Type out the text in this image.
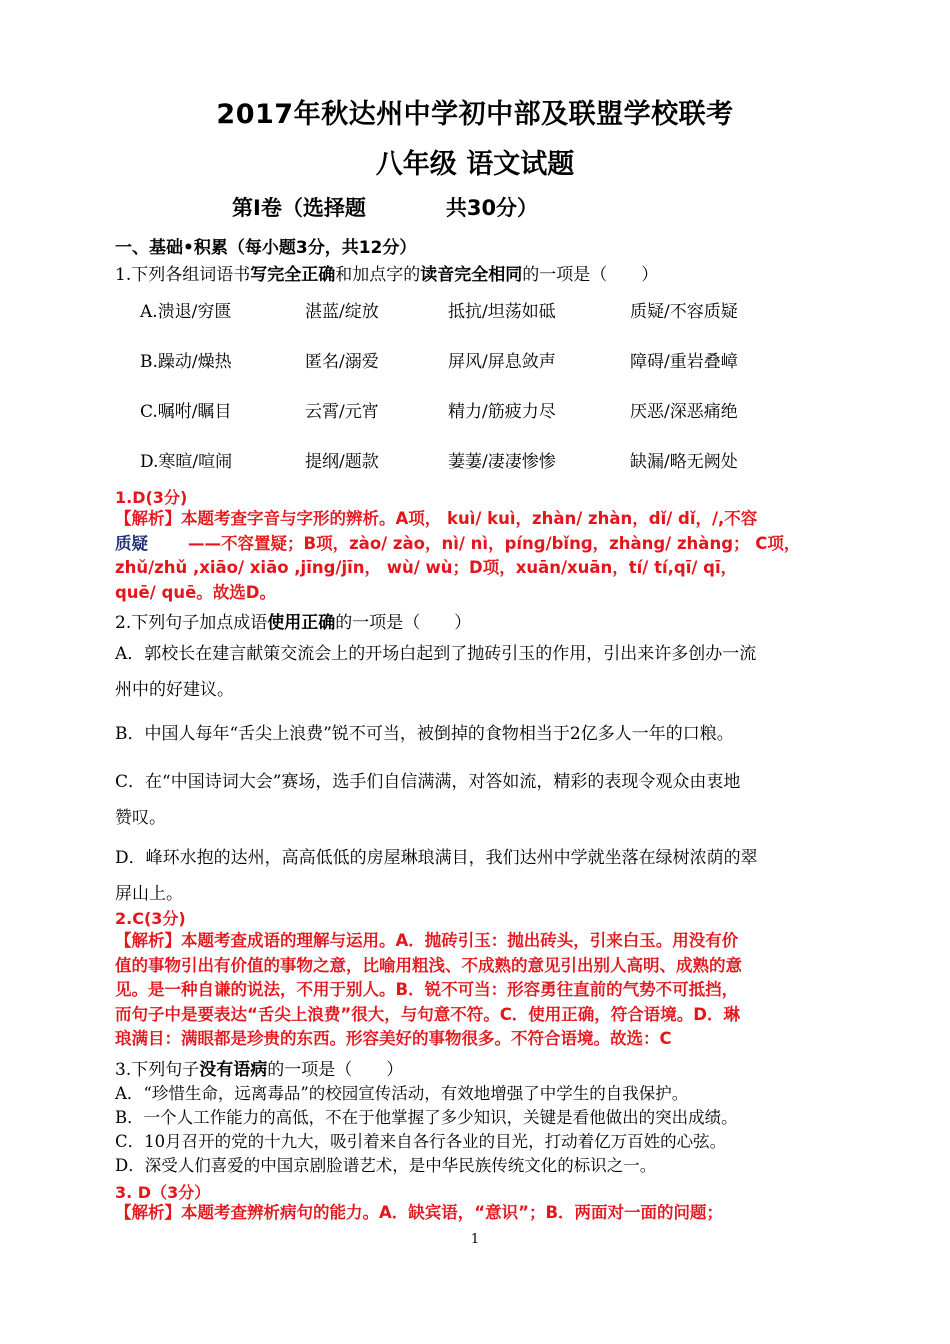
2017年秋达州中学初中部及联盟学校联考
八年级 语文试题
第Ⅰ卷（选择题	共30分）
一、基础•积累（每小题3分，共12分）
1.下列各组词语书写完全正确和加点字的读音完全相同的一项是（　　）
A.溃退/穷匮	湛蓝/绽放	抵抗/坦荡如砥	质疑/不容质疑
B.躁动/燥热	匿名/溺爱	屏风/屏息敛声	障碍/重岩叠嶂
C.嘱咐/瞩目	云霄/元宵	精力/筋疲力尽	厌恶/深恶痛绝
D.寒暄/喧闹	提纲/题款	萋萋/凄凄惨惨	缺漏/略无阙处
1.D(3分)
【解析】本题考查字音与字形的辨析。A项， kuì/ kuì，zhàn/ zhàn，dǐ/ dǐ，/,不容
质疑 ——不容置疑；B项，zào/ zào，nì/ nì，pínɡ/bǐnɡ，zhàng/ zhàng； C项，
zhǔ/zhǔ ,xiāo/ xiāo ,jīng/jīn， wù/ wù；D项，xuān/xuān，tí/ tí,qī/ qī，
quē/ quē。故选D。
2.下列句子加点成语使用正确的一项是（　　）
A．郭校长在建言献策交流会上的开场白起到了抛砖引玉的作用，引出来许多创办一流
州中的好建议。
B．中国人每年“舌尖上浪费”锐不可当，被倒掉的食物相当于2亿多人一年的口粮。
C．在“中国诗词大会”赛场，选手们自信满满，对答如流，精彩的表现令观众由衷地
赞叹。
D．峰环水抱的达州，高高低低的房屋琳琅满目，我们达州中学就坐落在绿树浓荫的翠
屏山上。
2.C(3分)
【解析】本题考查成语的理解与运用。A．抛砖引玉：抛出砖头，引来白玉。用没有价
值的事物引出有价值的事物之意，比喻用粗浅、不成熟的意见引出别人高明、成熟的意
见。是一种自谦的说法，不用于别人。B．锐不可当：形容勇往直前的气势不可抵挡，
而句子中是要表达“舌尖上浪费”很大，与句意不符。C．使用正确，符合语境。D．琳
琅满目：满眼都是珍贵的东西。形容美好的事物很多。不符合语境。故选：C
3.下列句子没有语病的一项是（　　）
A．“珍惜生命，远离毒品”的校园宣传活动，有效地增强了中学生的自我保护。
B．一个人工作能力的高低，不在于他掌握了多少知识，关键是看他做出的突出成绩。
C．10月召开的党的十九大，吸引着来自各行各业的目光，打动着亿万百姓的心弦。
D．深受人们喜爱的中国京剧脸谱艺术，是中华民族传统文化的标识之一。
3. D（3分）
【解析】本题考查辨析病句的能力。A．缺宾语，“意识”；B．两面对一面的问题；
1
